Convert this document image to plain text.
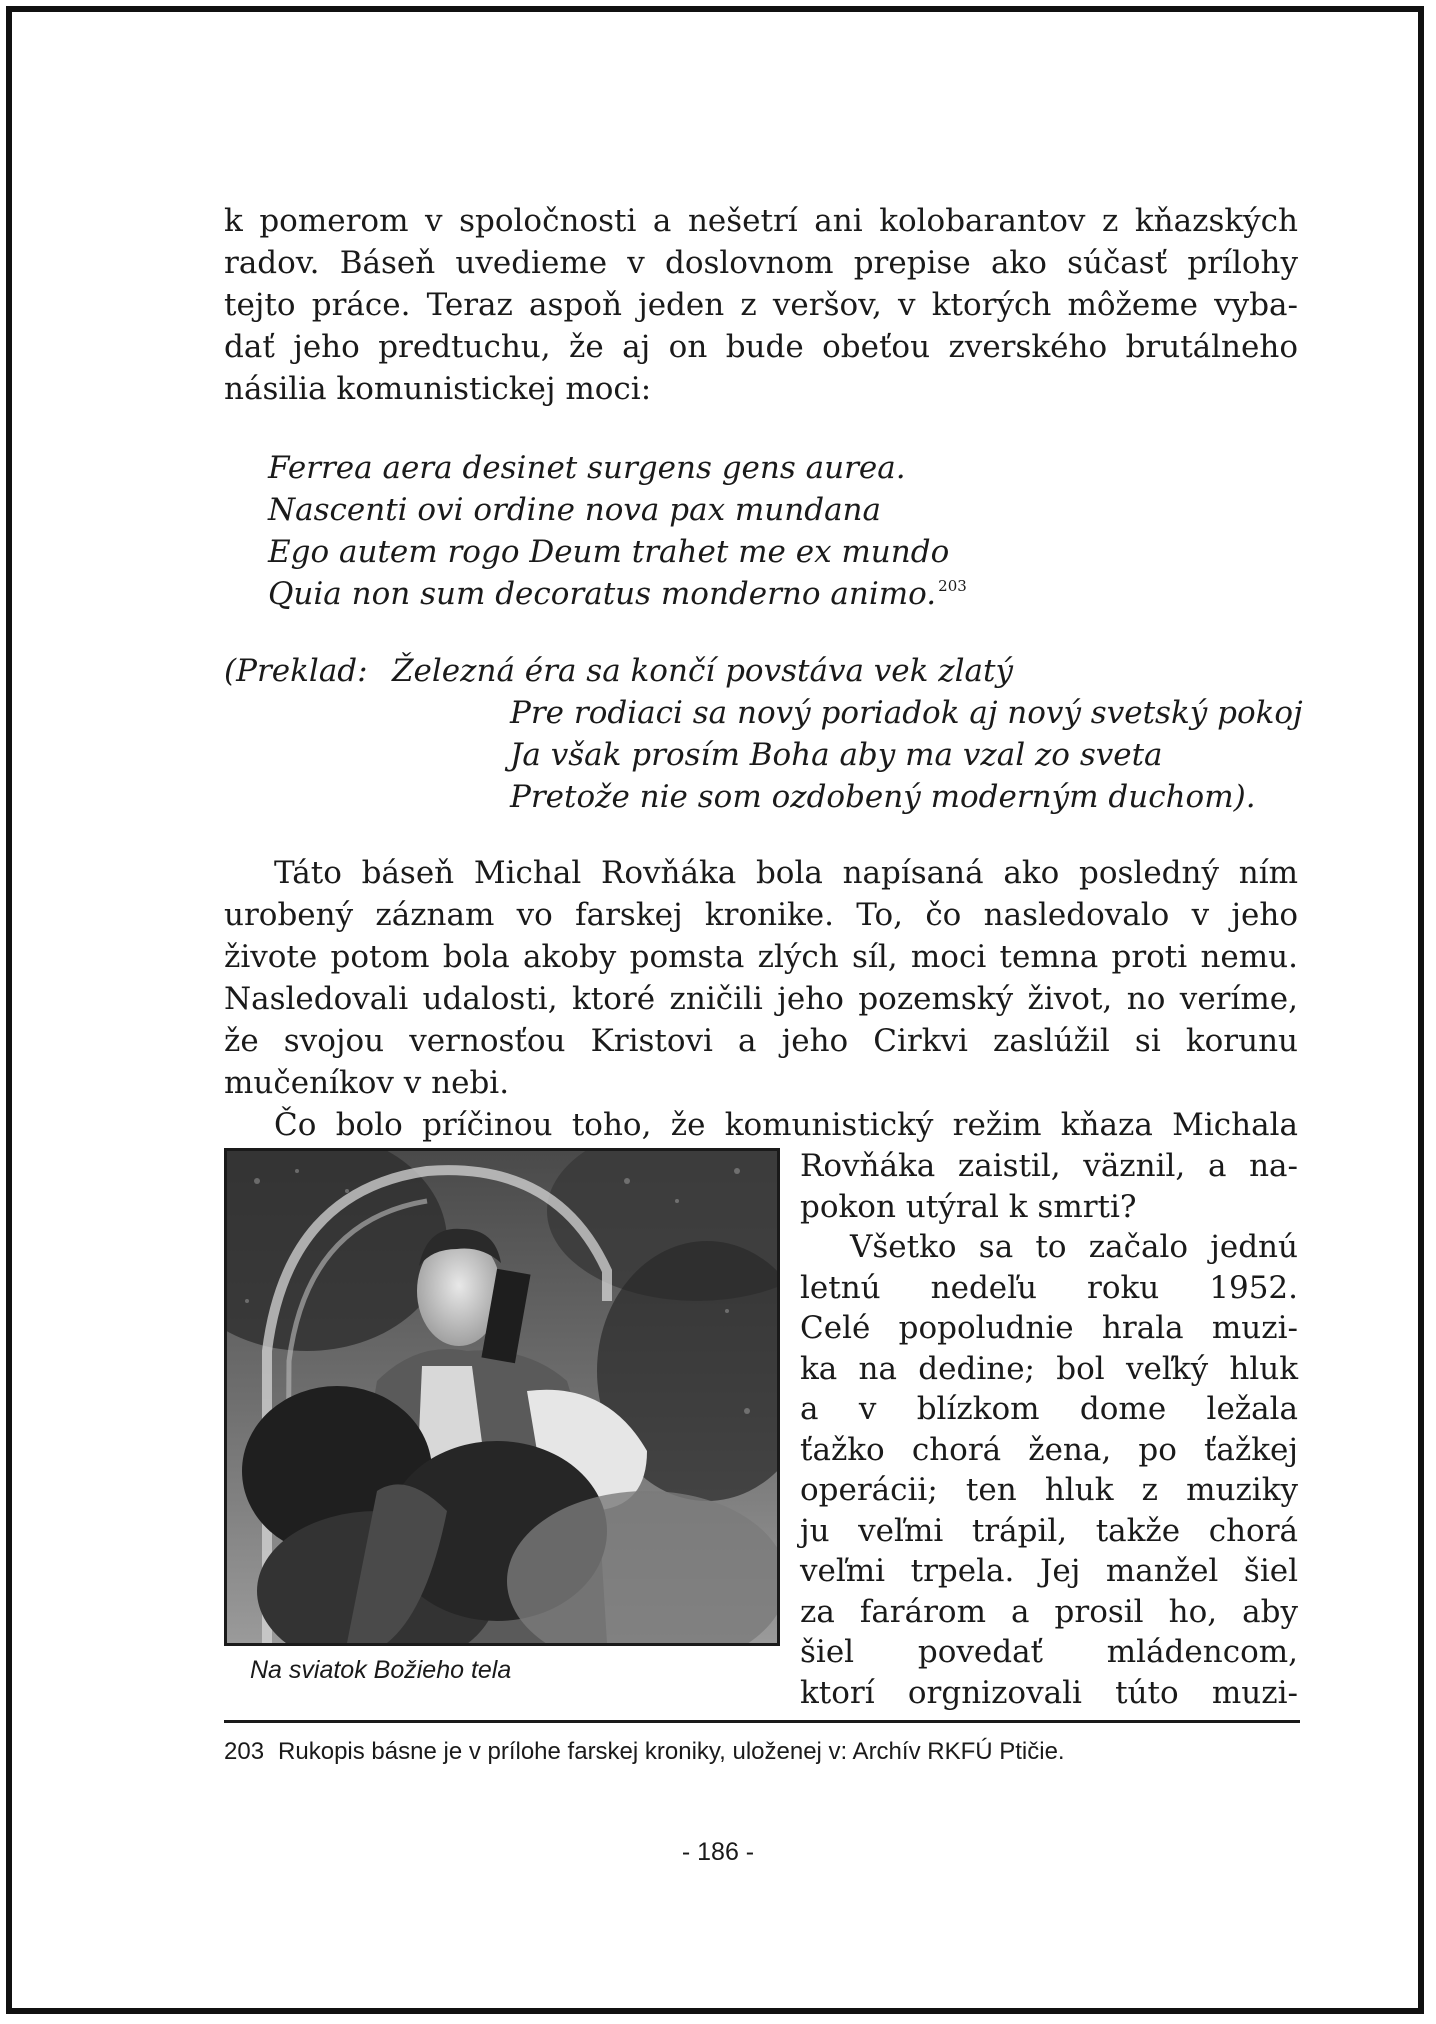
k pomerom v spoločnosti a nešetrí ani kolobarantov z kňazských
radov. Báseň uvedieme v doslovnom prepise ako súčasť prílohy
tejto práce. Teraz aspoň jeden z veršov, v ktorých môžeme vyba-
dať jeho predtuchu, že aj on bude obeťou zverského brutálneho
násilia komunistickej moci:
Ferrea aera desinet surgens gens aurea.
Nascenti ovi ordine nova pax mundana
Ego autem rogo Deum trahet me ex mundo
Quia non sum decoratus monderno animo. $^{203}$
(Preklad: Železná éra sa končí povstáva vek zlatý
Pre rodiaci sa nový poriadok aj nový svetský pokoj
Ja však prosím Boha aby ma vzal zo sveta
Pretože nie som ozdobený moderným duchom).
Táto báseň Michal Rovňáka bola napísaná ako posledný ním
urobený záznam vo farskej kronike. To, čo nasledovalo v jeho
živote potom bola akoby pomsta zlých síl, moci temna proti nemu.
Nasledovali udalosti, ktoré zničili jeho pozemský život, no veríme,
že svojou vernosťou Kristovi a jeho Cirkvi zaslúžil si korunu
mučeníkov v nebi.
Čo bolo príčinou toho, že komunistický režim kňaza Michala
Rovňáka zaistil, väznil, a na-
pokon utýral k smrti?
Všetko sa to začalo jednú
letnú nedeľu roku 1952.
Celé popoludnie hrala muzi-
ka na dedine; bol veľký hluk
a v blízkom dome ležala
ťažko chorá žena, po ťažkej
operácii; ten hluk z muziky
ju veľmi trápil, takže chorá
veľmi trpela. Jej manžel šiel
za farárom a prosil ho, aby
šiel povedať mládencom,
ktorí orgnizovali túto muzi-
Na sviatok Božieho tela
203 Rukopis básne je v prílohe farskej kroniky, uloženej v: Archív RKFÚ Ptičie.
- 186 -
